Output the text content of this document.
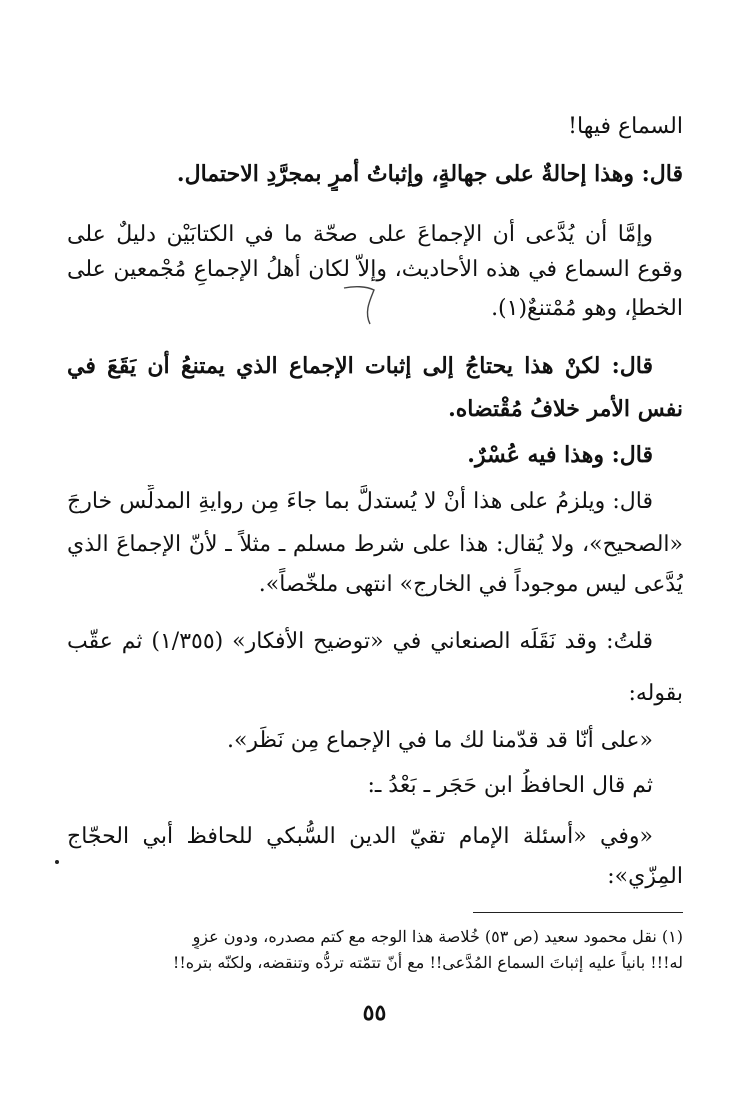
السماع فيها!
قال: وهذا إحالةٌ على جهالةٍ، وإثباتُ أمرٍ بمجرَّدِ الاحتمال.
وإمَّا أن يُدَّعى أن الإجماعَ على صحّة ما في الكتابَيْن دليلٌ على
وقوع السماع في هذه الأحاديث، وإلاّ لكان أهلُ الإجماعِ مُجْمعين على
الخطإ، وهو مُمْتنعٌ(١).
قال: لكنْ هذا يحتاجُ إلى إثبات الإجماع الذي يمتنعُ أن يَقَعَ في
نفس الأمر خلافُ مُقْتضاه.
قال: وهذا فيه عُسْرٌ.
قال: ويلزمُ على هذا أنْ لا يُستدلَّ بما جاءَ مِن روايةِ المدلِّس خارجَ
«الصحيح»، ولا يُقال: هذا على شرط مسلم ـ مثلاً ـ لأنّ الإجماعَ الذي
يُدَّعى ليس موجوداً في الخارج» انتهى ملخّصاً».
قلتُ: وقد نَقَلَه الصنعاني في «توضيح الأفكار» (١/٣٥٥) ثم عقّب
بقوله:
«على أنّا قد قدّمنا لك ما في الإجماع مِن نَظَر».
ثم قال الحافظُ ابن حَجَر ـ بَعْدُ ـ:
«وفي «أسئلة الإمام تقيّ الدين السُّبكي للحافظ أبي الحجّاج
المِزّي»:
(١) نقل محمود سعيد (ص ٥٣) خُلاصة هذا الوجه مع كتم مصدره، ودون عزوٍ
له!!! بانياً عليه إثباتَ السماع المُدَّعى!! مع أنّ تتمّته تردُّه وتنقضه، ولكنّه بتره!!
٥٥
